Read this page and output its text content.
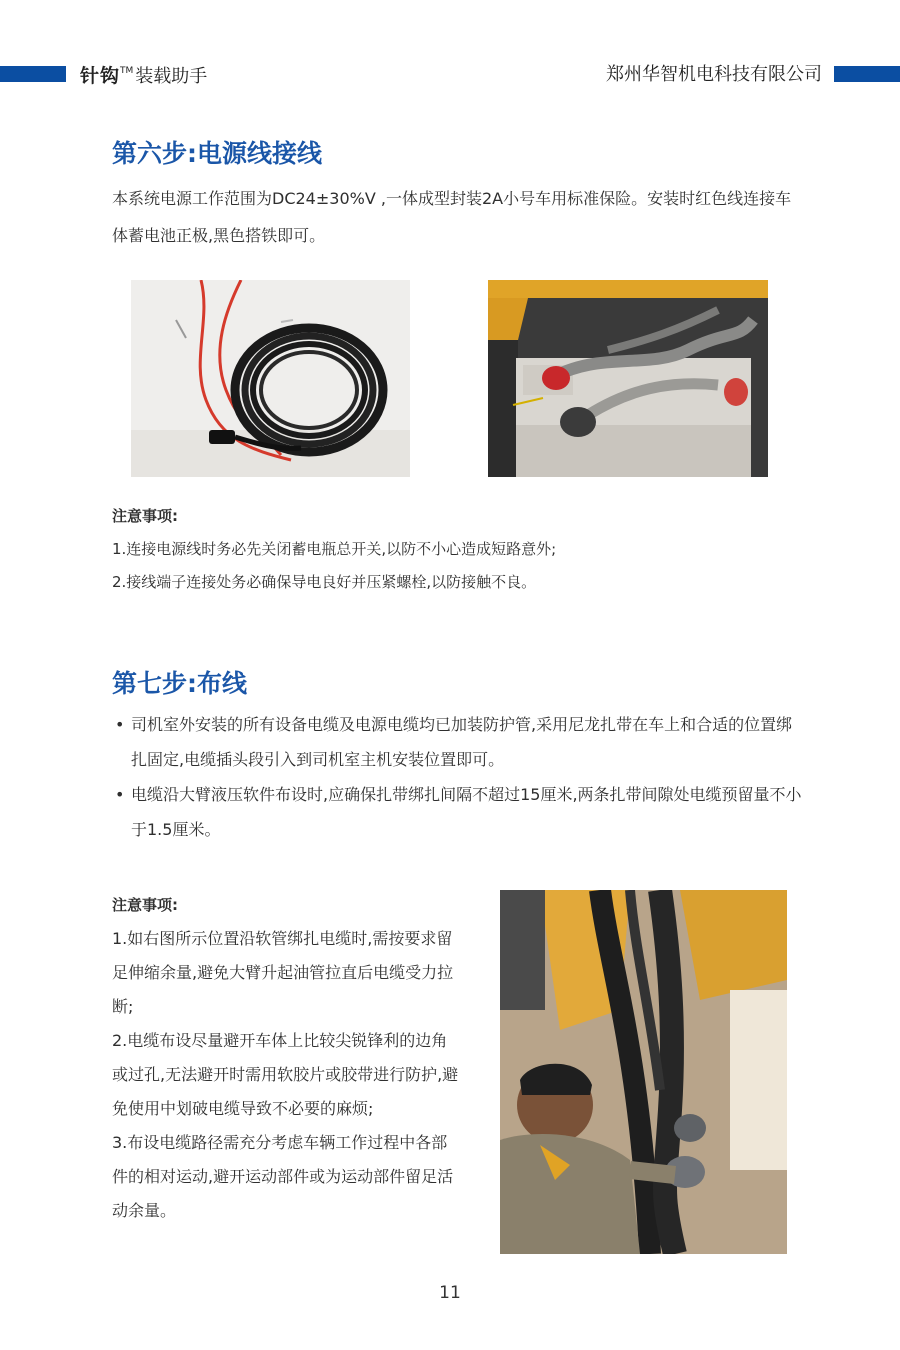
针钩 TM 装载助手	郑州华智机电科技有限公司
第六步:电源线接线

本系统电源工作范围为DC24±30%V ,一体成型封装2A小号车用标准保险。安装时红色线连接车体蓄电池正极,黑色搭铁即可。

注意事项:
1.连接电源线时务必先关闭蓄电瓶总开关,以防不小心造成短路意外;
2.接线端子连接处务必确保导电良好并压紧螺栓,以防接触不良。
第七步:布线
• 司机室外安装的所有设备电缆及电源电缆均已加装防护管,采用尼龙扎带在车上和合适的位置绑扎固定,电缆插头段引入到司机室主机安装位置即可。
• 电缆沿大臂液压软件布设时,应确保扎带绑扎间隔不超过15厘米,两条扎带间隙处电缆预留量不小于1.5厘米。
注意事项:

1.如右图所示位置沿软管绑扎电缆时,需按要求留足伸缩余量,避免大臂升起油管拉直后电缆受力拉断;

2.电缆布设尽量避开车体上比较尖锐锋利的边角或过孔,无法避开时需用软胶片或胶带进行防护,避免使用中划破电缆导致不必要的麻烦;

3.布设电缆路径需充分考虑车辆工作过程中各部件的相对运动,避开运动部件或为运动部件留足活动余量。

11
